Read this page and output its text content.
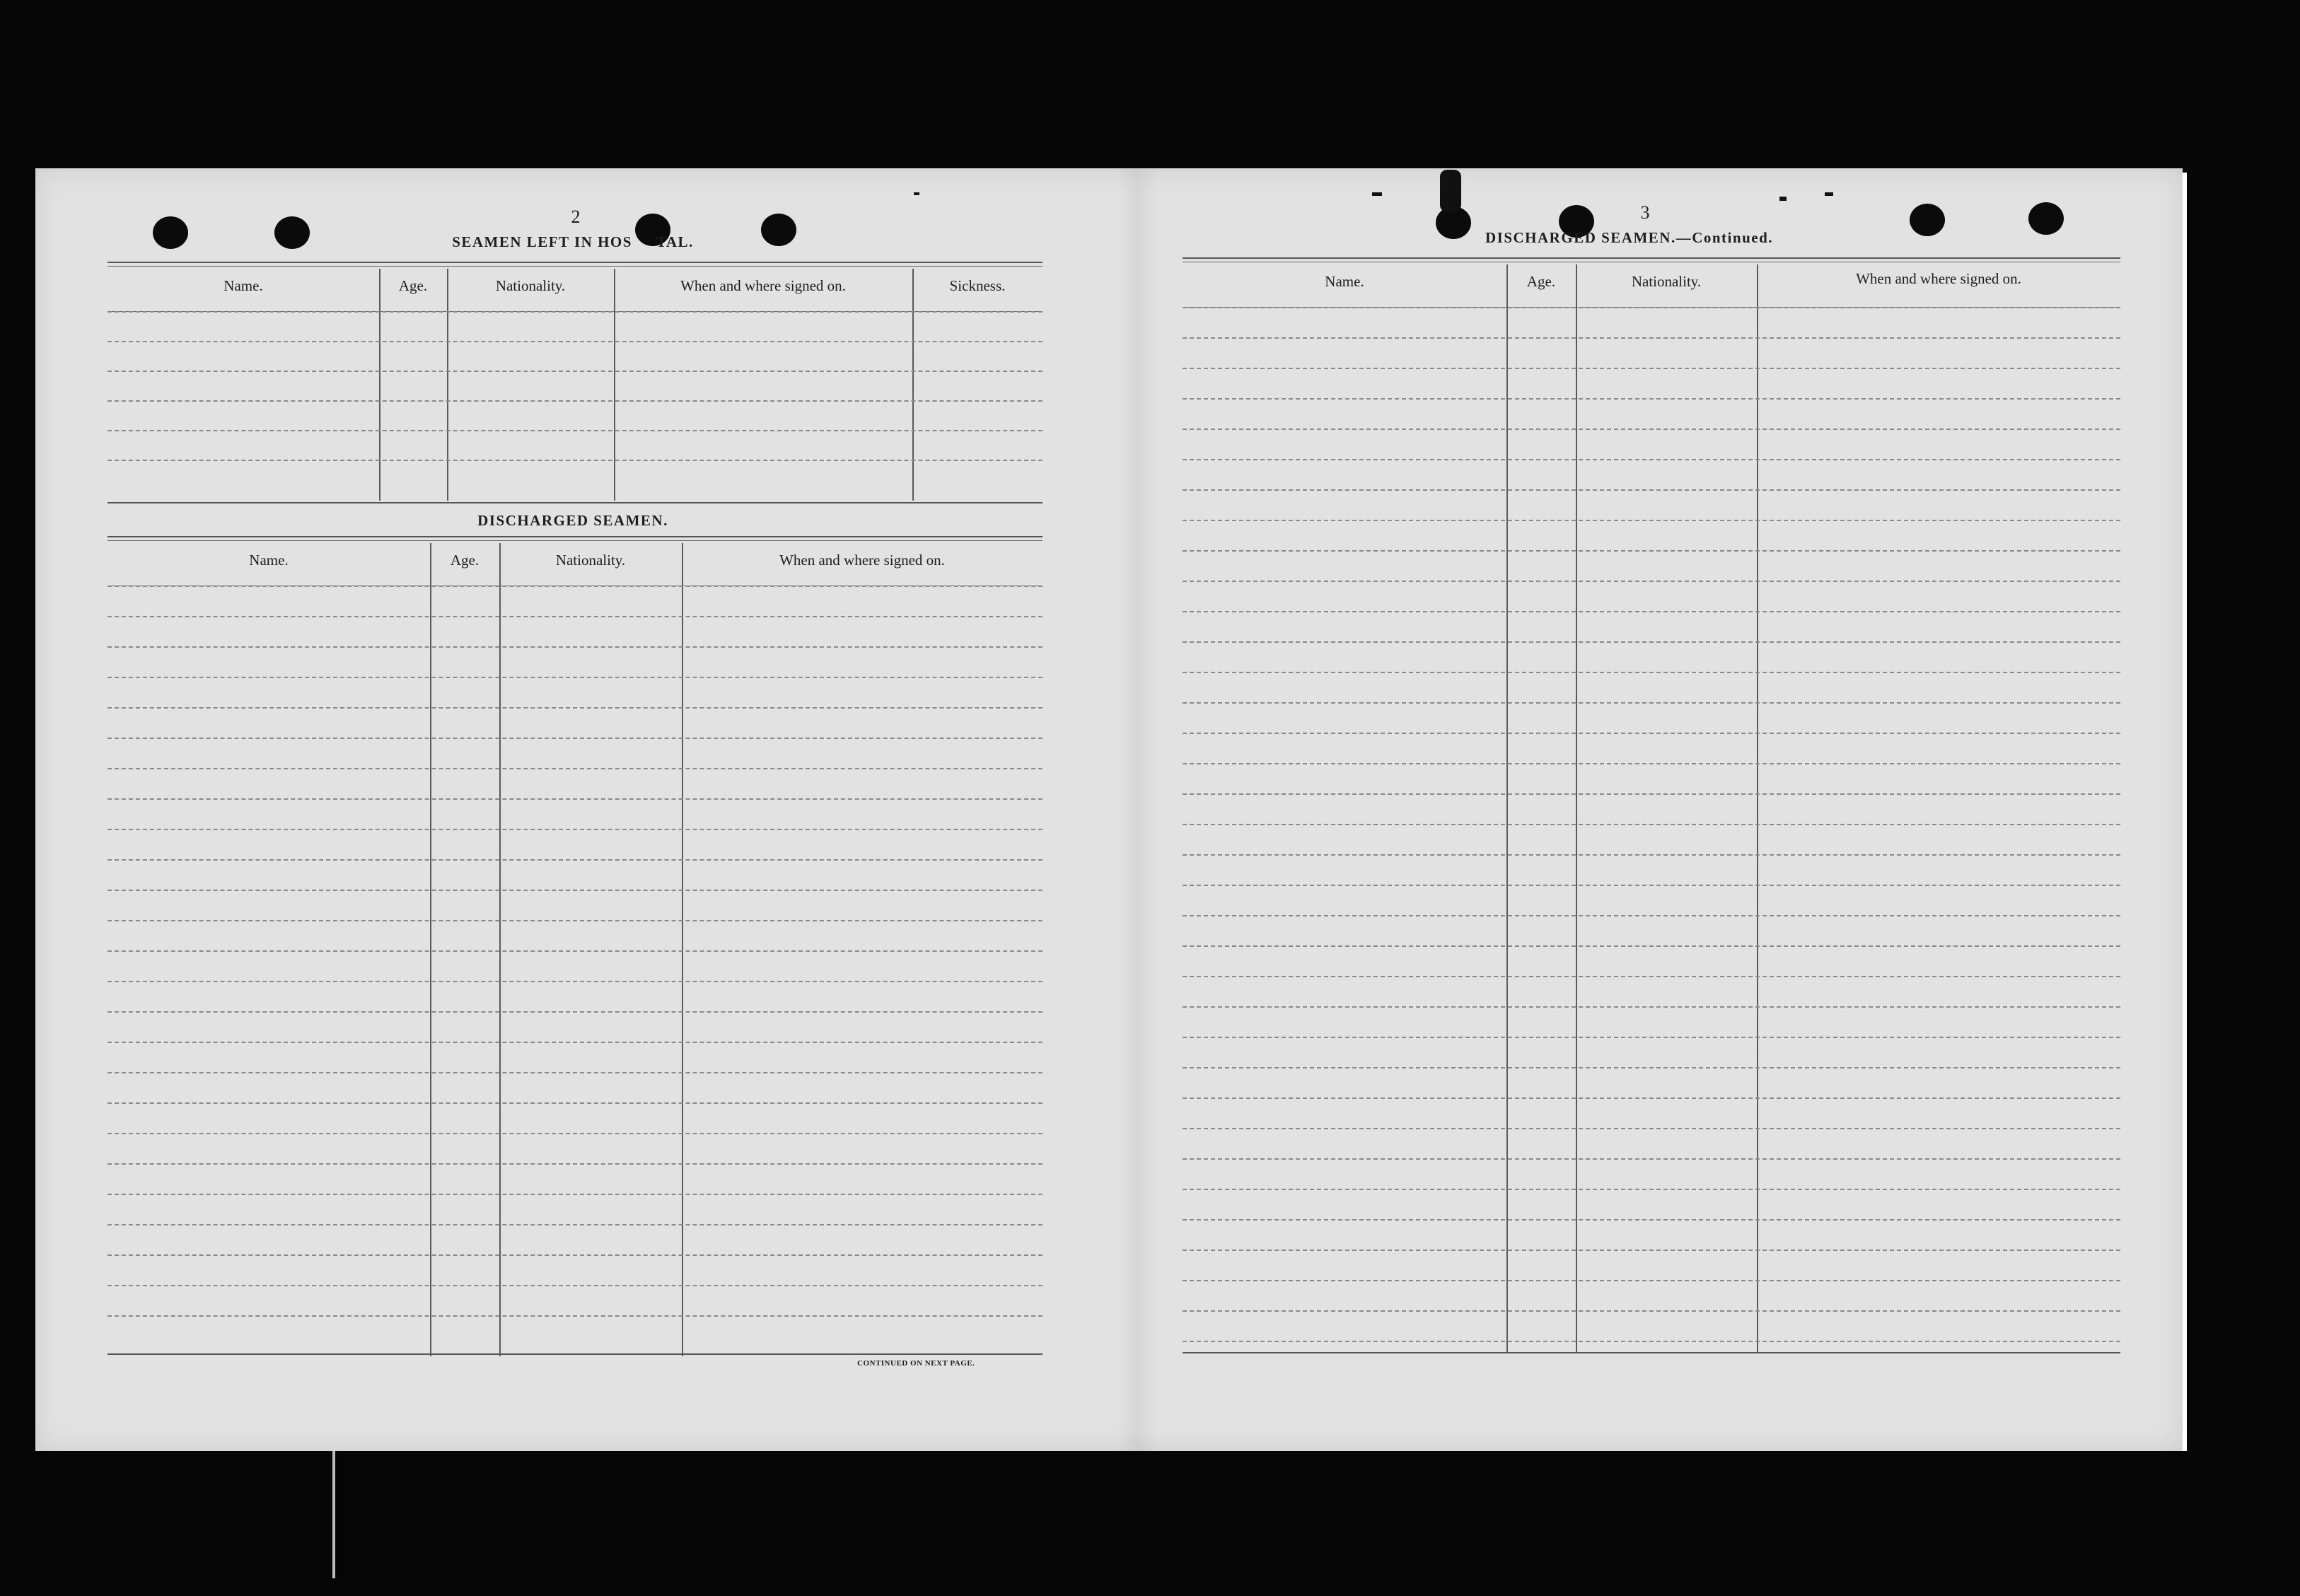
2
SEAMEN LEFT IN HOS TAL.
Name.	Age.	Nationality.	When and where signed on.	Sickness.
DISCHARGED SEAMEN.
Name.	Age.	Nationality.	When and where signed on.
CONTINUED ON NEXT PAGE.
3
DISCHARGED SEAMEN.—Continued.
Name.	Age.	Nationality.	When and where signed on.
